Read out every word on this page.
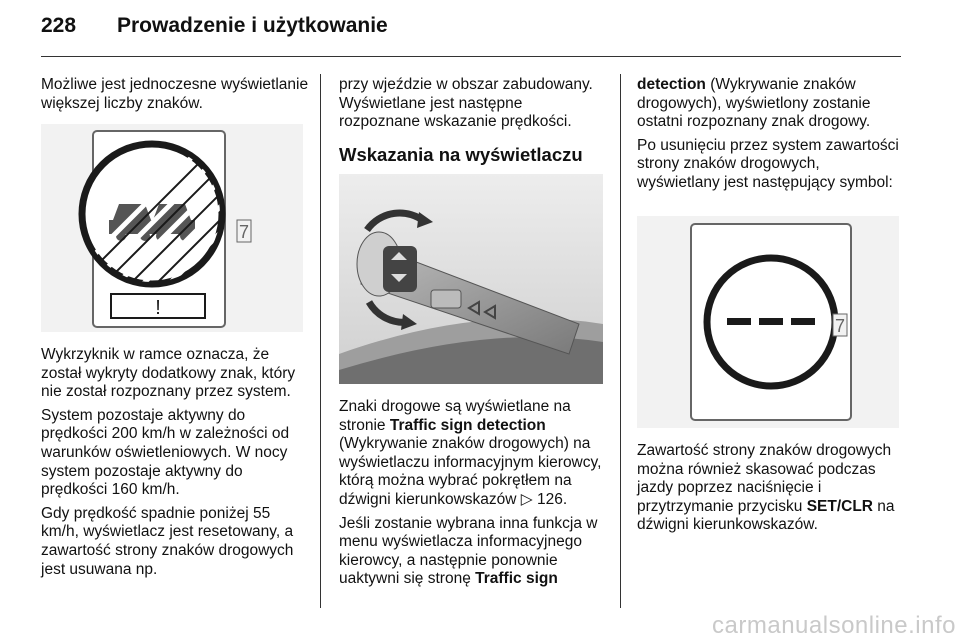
228 Prowadzenie i użytkowanie

Możliwe jest jednoczesne wyświetlanie większej liczby znaków.

!
7

Wykrzyknik w ramce oznacza, że został wykryty dodatkowy znak, który nie został rozpoznany przez system.

System pozostaje aktywny do prędkości 200 km/h w zależności od warunków oświetleniowych. W nocy system pozostaje aktywny do prędkości 160 km/h.

Gdy prędkość spadnie poniżej 55 km/h, wyświetlacz jest resetowany, a zawartość strony znaków drogowych jest usuwana np.

przy wjeździe w obszar zabudowany. Wyświetlane jest następne rozpoznane wskazanie prędkości.

Wskazania na wyświetlaczu

Znaki drogowe są wyświetlane na stronie Traffic sign detection (Wykrywanie znaków drogowych) na wyświetlaczu informacyjnym kierowcy, którą można wybrać pokrętłem na dźwigni kierunkowskazów ▷ 126.

Jeśli zostanie wybrana inna funkcja w menu wyświetlacza informacyjnego kierowcy, a następnie ponownie uaktywni się stronę Traffic sign

detection (Wykrywanie znaków drogowych), wyświetlony zostanie ostatni rozpoznany znak drogowy.

Po usunięciu przez system zawartości strony znaków drogowych, wyświetlany jest następujący symbol:

7

Zawartość strony znaków drogowych można również skasować podczas jazdy poprzez naciśnięcie i przytrzymanie przycisku SET/CLR na dźwigni kierunkowskazów.

carmanualsonline.info
